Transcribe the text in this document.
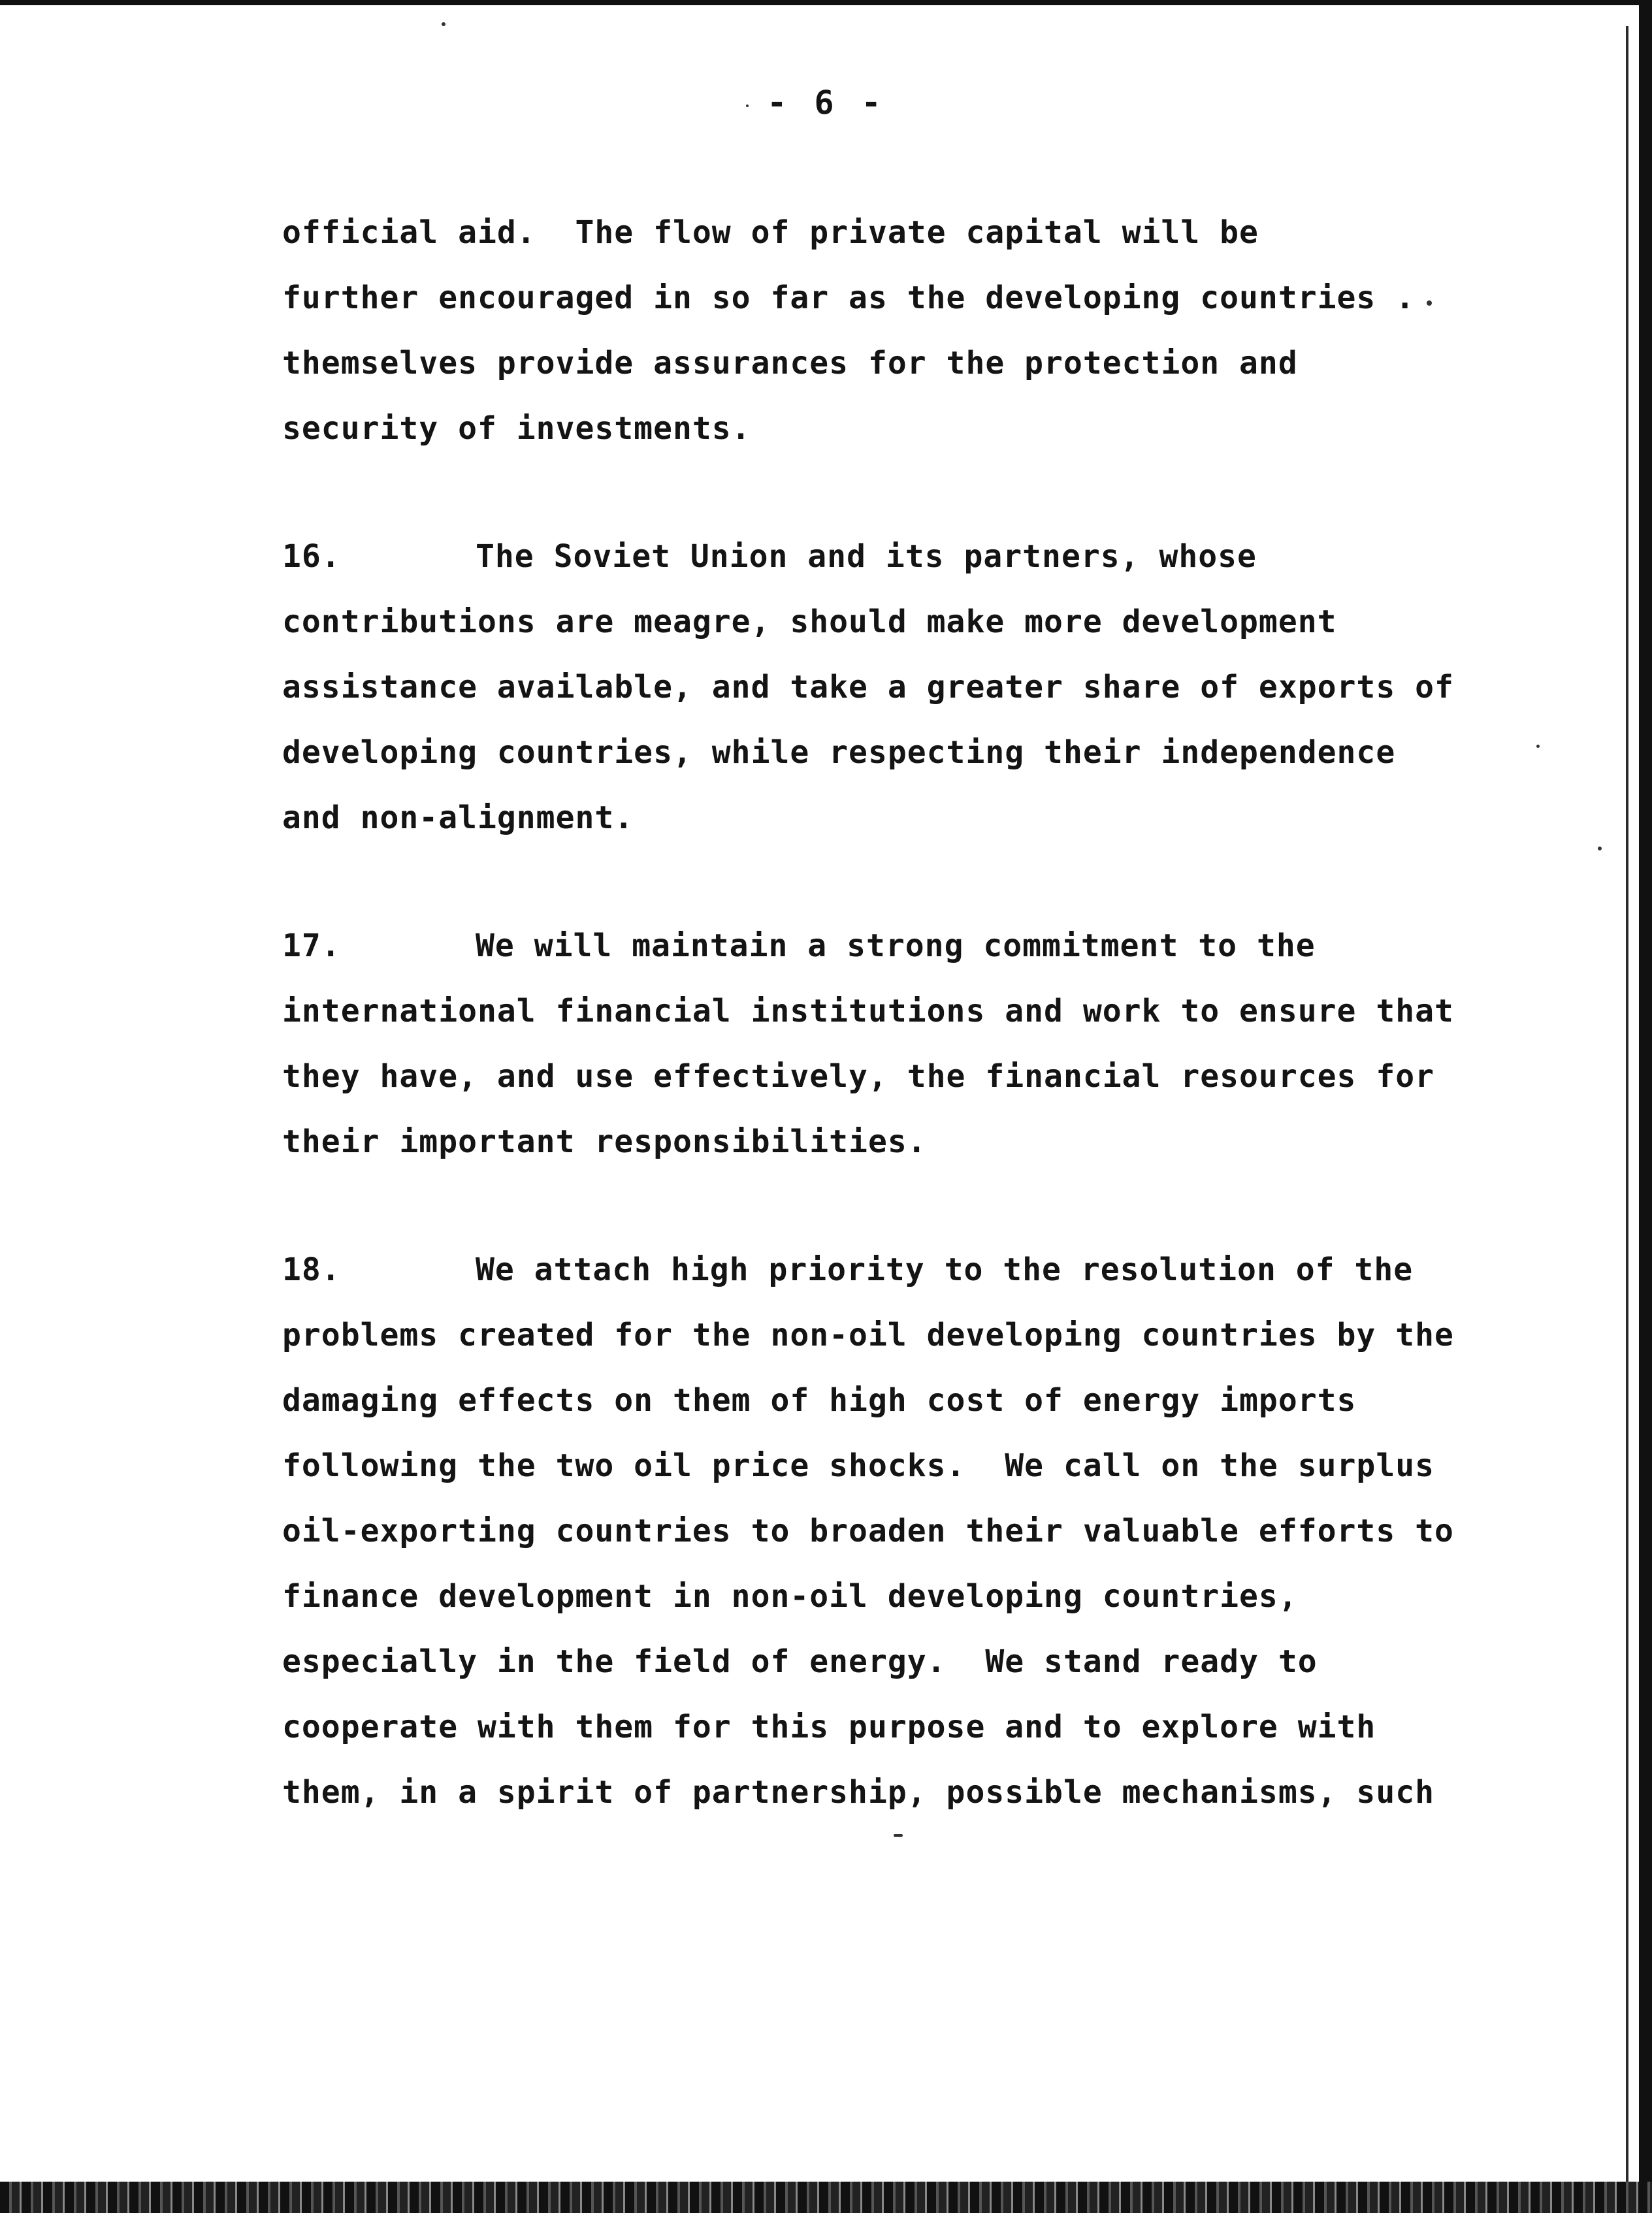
- 6 -
official aid.  The flow of private capital will be
further encouraged in so far as the developing countries .
themselves provide assurances for the protection and
security of investments.
16.	The Soviet Union and its partners, whose
contributions are meagre, should make more development
assistance available, and take a greater share of exports of
developing countries, while respecting their independence
and non-alignment.
17.	We will maintain a strong commitment to the
international financial institutions and work to ensure that
they have, and use effectively, the financial resources for
their important responsibilities.
18.	We attach high priority to the resolution of the
problems created for the non-oil developing countries by the
damaging effects on them of high cost of energy imports
following the two oil price shocks.  We call on the surplus
oil-exporting countries to broaden their valuable efforts to
finance development in non-oil developing countries,
especially in the field of energy.  We stand ready to
cooperate with them for this purpose and to explore with
them, in a spirit of partnership, possible mechanisms, such
